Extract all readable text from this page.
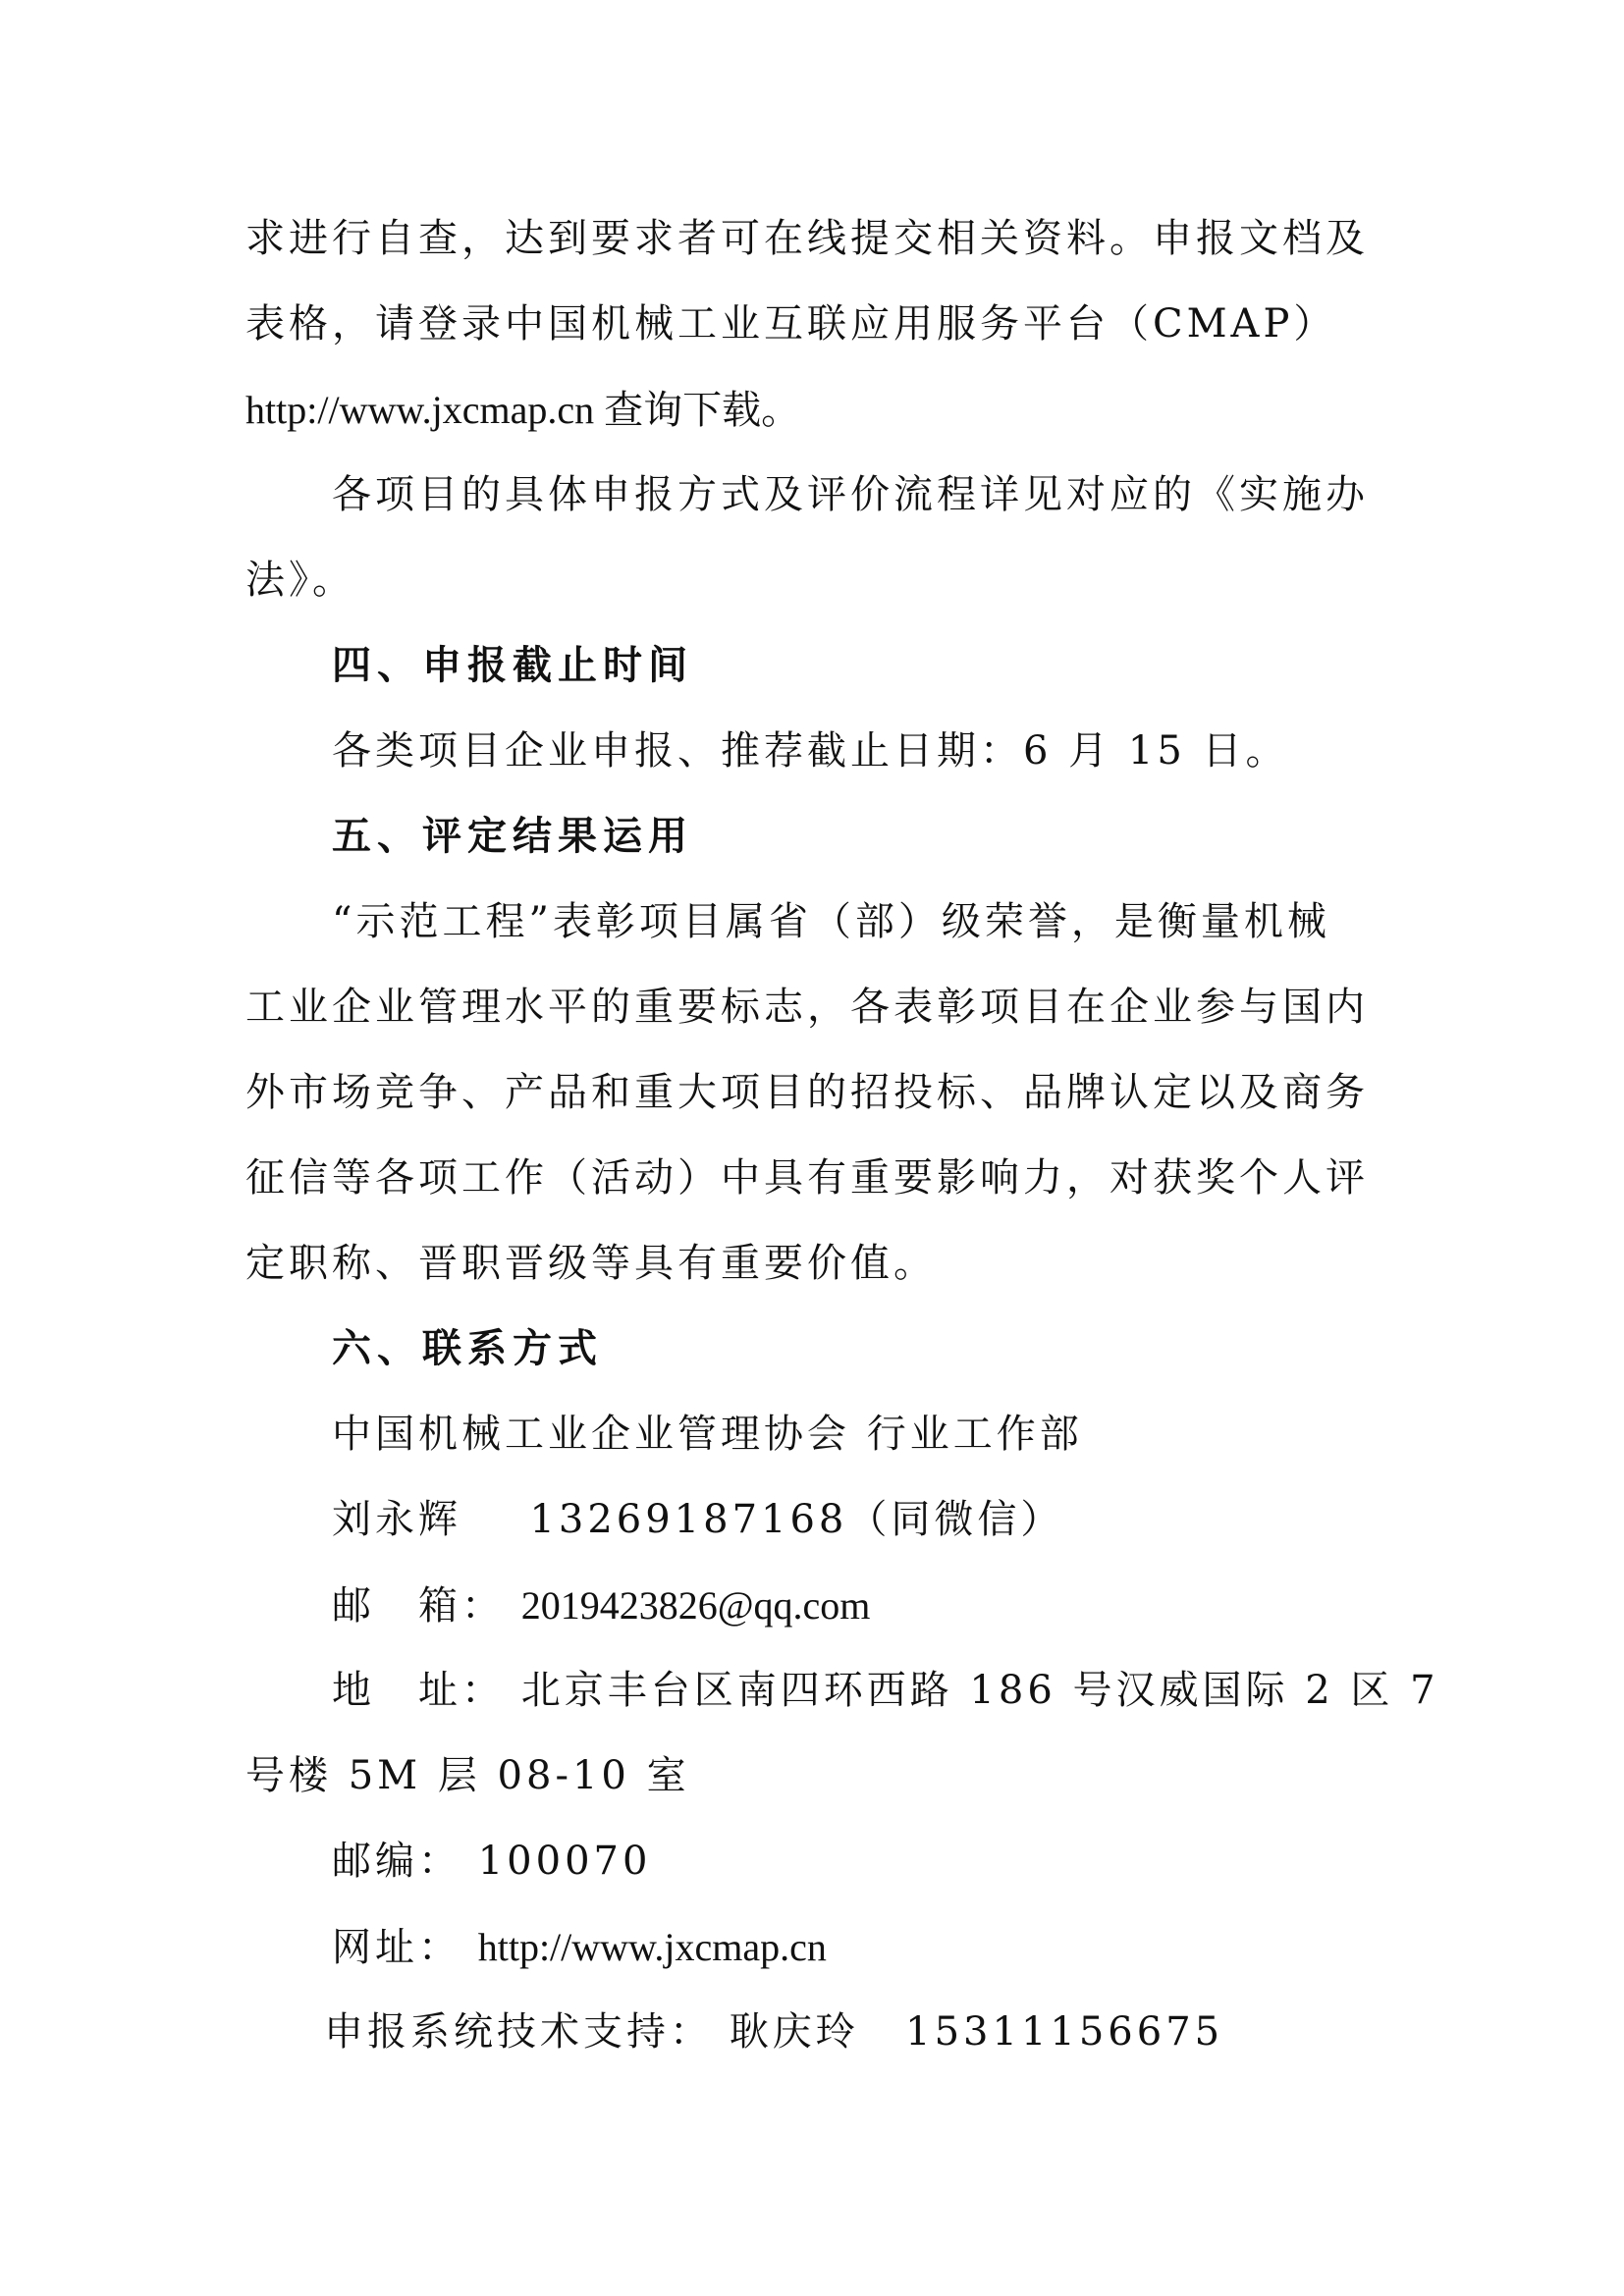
求进行自查，达到要求者可在线提交相关资料。申报文档及
表格，请登录中国机械工业互联应用服务平台（CMAP）
http://www.jxcmap.cn 查询下载。
各项目的具体申报方式及评价流程详见对应的《实施办
法》。
四、申报截止时间
各类项目企业申报、推荐截止日期：6 月 15 日。
五、评定结果运用
“示范工程”表彰项目属省（部）级荣誉，是衡量机械
工业企业管理水平的重要标志，各表彰项目在企业参与国内
外市场竞争、产品和重大项目的招投标、品牌认定以及商务
征信等各项工作（活动）中具有重要影响力，对获奖个人评
定职称、晋职晋级等具有重要价值。
六、联系方式
中国机械工业企业管理协会 行业工作部
刘永辉 13269187168（同微信）
邮　箱： 2019423826@qq.com
地　址： 北京丰台区南四环西路 186 号汉威国际 2 区 7
号楼 5M 层 08-10 室
邮编： 100070
网址： http://www.jxcmap.cn
申报系统技术支持： 耿庆玲 15311156675
